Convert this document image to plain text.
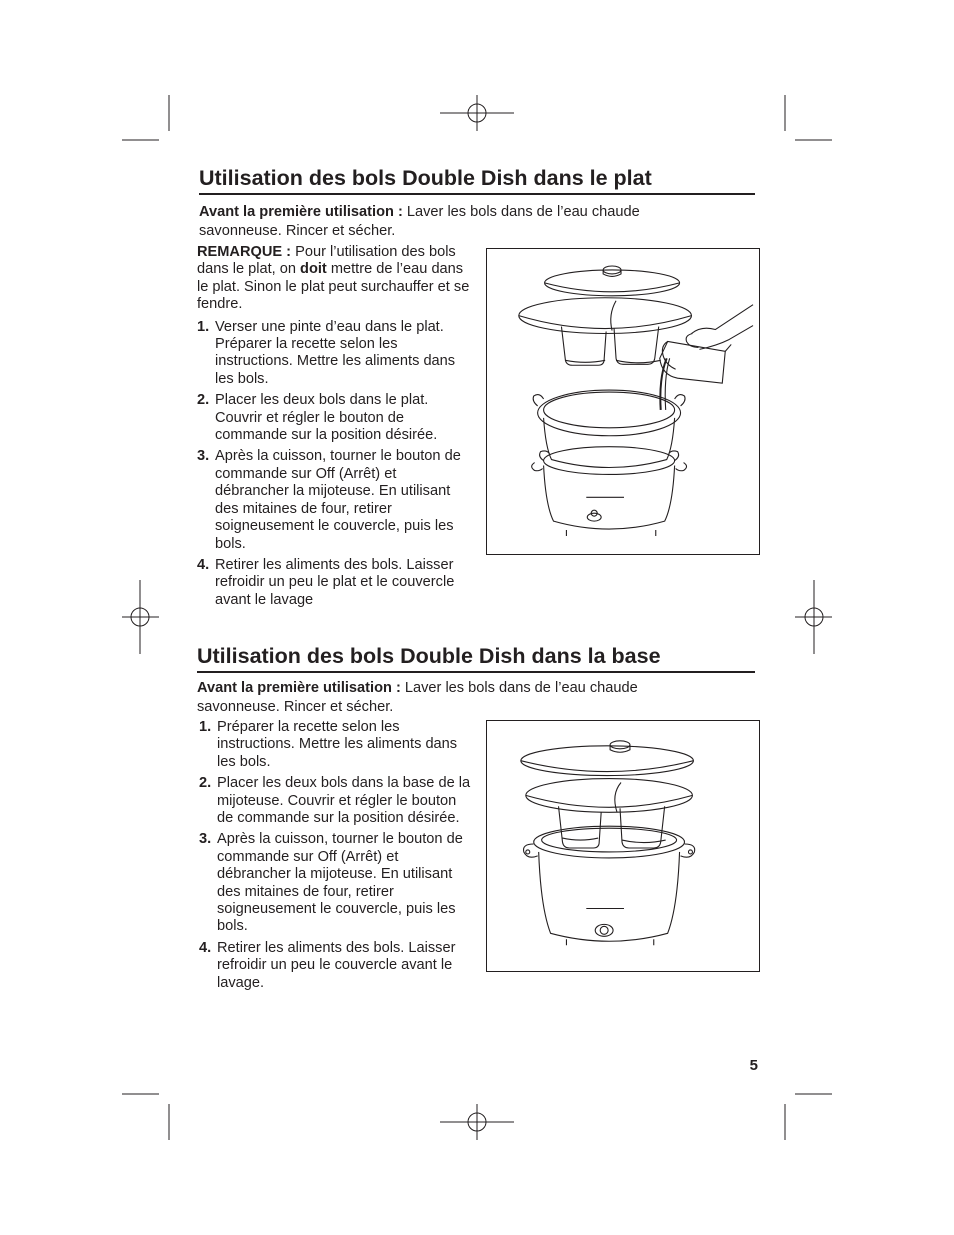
Utilisation des bols Double Dish dans le plat
Avant la première utilisation : Laver les bols dans de l’eau chaude savonneuse. Rincer et sécher.

REMARQUE : Pour l’utilisation des bols dans le plat, on doit mettre de l’eau dans le plat. Sinon le plat peut surchauffer et se fendre.

1. Verser une pinte d’eau dans le plat. Préparer la recette selon les instructions. Mettre les aliments dans les bols.
2. Placer les deux bols dans le plat. Couvrir et régler le bouton de commande sur la position désirée.
3. Après la cuisson, tourner le bouton de commande sur Off (Arrêt) et débrancher la mijoteuse. En utilisant des mitaines de four, retirer soigneusement le couvercle, puis les bols.
4. Retirer les aliments des bols. Laisser refroidir un peu le plat et le couvercle avant le lavage
Utilisation des bols Double Dish dans la base
Avant la première utilisation : Laver les bols dans de l’eau chaude savonneuse. Rincer et sécher.
1. Préparer la recette selon les instructions. Mettre les aliments dans les bols.
2. Placer les deux bols dans la base de la mijoteuse. Couvrir et régler le bouton de commande sur la position désirée.
3. Après la cuisson, tourner le bouton de commande sur Off (Arrêt) et débrancher la mijoteuse. En utilisant des mitaines de four, retirer soigneusement le couvercle, puis les bols.
4. Retirer les aliments des bols. Laisser refroidir un peu le couvercle avant le lavage.
5
